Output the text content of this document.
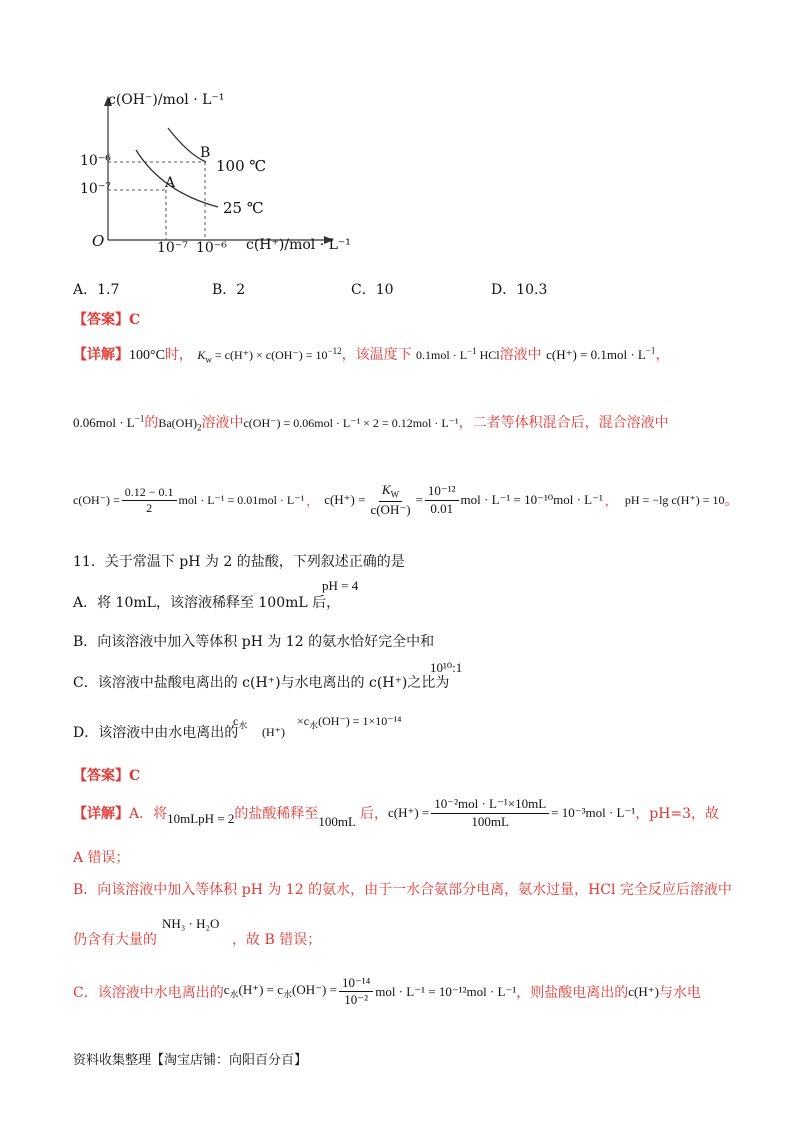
c(OH⁻)/mol · L⁻¹
c(H⁺)/mol · L⁻¹
O
10⁻⁶
10⁻⁷
10⁻⁷ 10⁻⁶
A
B
100 ℃
25 ℃
A．1.7	B．2	C．10	D．10.3
【答案】C
【详解】100°C时， $K_w = c(H^+) \times c(OH^-) = 10^{-12}$，该温度下 $0.1mol \cdot L^{-1}$ HCl溶液中 $c(H^+) = 0.1mol \cdot L^{-1}$，
$0.06mol \cdot L^{-1}$的$Ba(OH)_2$溶液中c(OH⁻) = 0.06mol · L⁻¹ × 2 = 0.12mol · L⁻¹，二者等体积混合后，混合溶液中
$c(OH^-) = \frac{0.12 - 0.1}{2}$ mol · L⁻¹ = 0.01mol · L⁻¹ ， $c(H^+) = \frac{K_W}{c(OH^-)} = \frac{\text{10⁻¹²}}{0.01}$ mol · L⁻¹ = 10⁻¹⁰mol · L⁻¹ ， pH = −lg c(H⁺) = 10 。
11．关于常温下 pH 为 2 的盐酸，下列叙述正确的是
A．将 10mL，该溶液稀释至 100mL 后，
pH = 4
B．向该溶液中加入等体积 pH 为 12 的氨水恰好完全中和
C．该溶液中盐酸电离出的 c(H⁺)与水电离出的 c(H⁺)之比为
10¹⁰:1
D．该溶液中由水电离出的
$c_水$ (H⁺)
$\times c_水(OH^-) = 1\times 10^{-14}$
【答案】C
【详解】 A．将 10mLpH = 2 的盐酸稀释至 100mL 后， $c(H^+) = \frac{\text{10⁻²mol · L⁻¹×10mL}}{100mL} = 10^{-3}mol \cdot L^{-1}$ ，pH=3，故
A 错误；
B．向该溶液中加入等体积 pH 为 12 的氨水，由于一水合氨部分电离，氨水过量，HCl 完全反应后溶液中
仍含有大量的
NH₃ · H₂O
，故 B 错误；
C．该溶液中水电离出的 $c_水(H^+) = c_水(OH^-) = \frac{\text{10⁻¹⁴}}{\text{10⁻²}}$ mol · L⁻¹ = 10⁻¹²mol · L⁻¹ ，则盐酸电离出的 c(H⁺) 与水电
资料收集整理【淘宝店铺：向阳百分百】
